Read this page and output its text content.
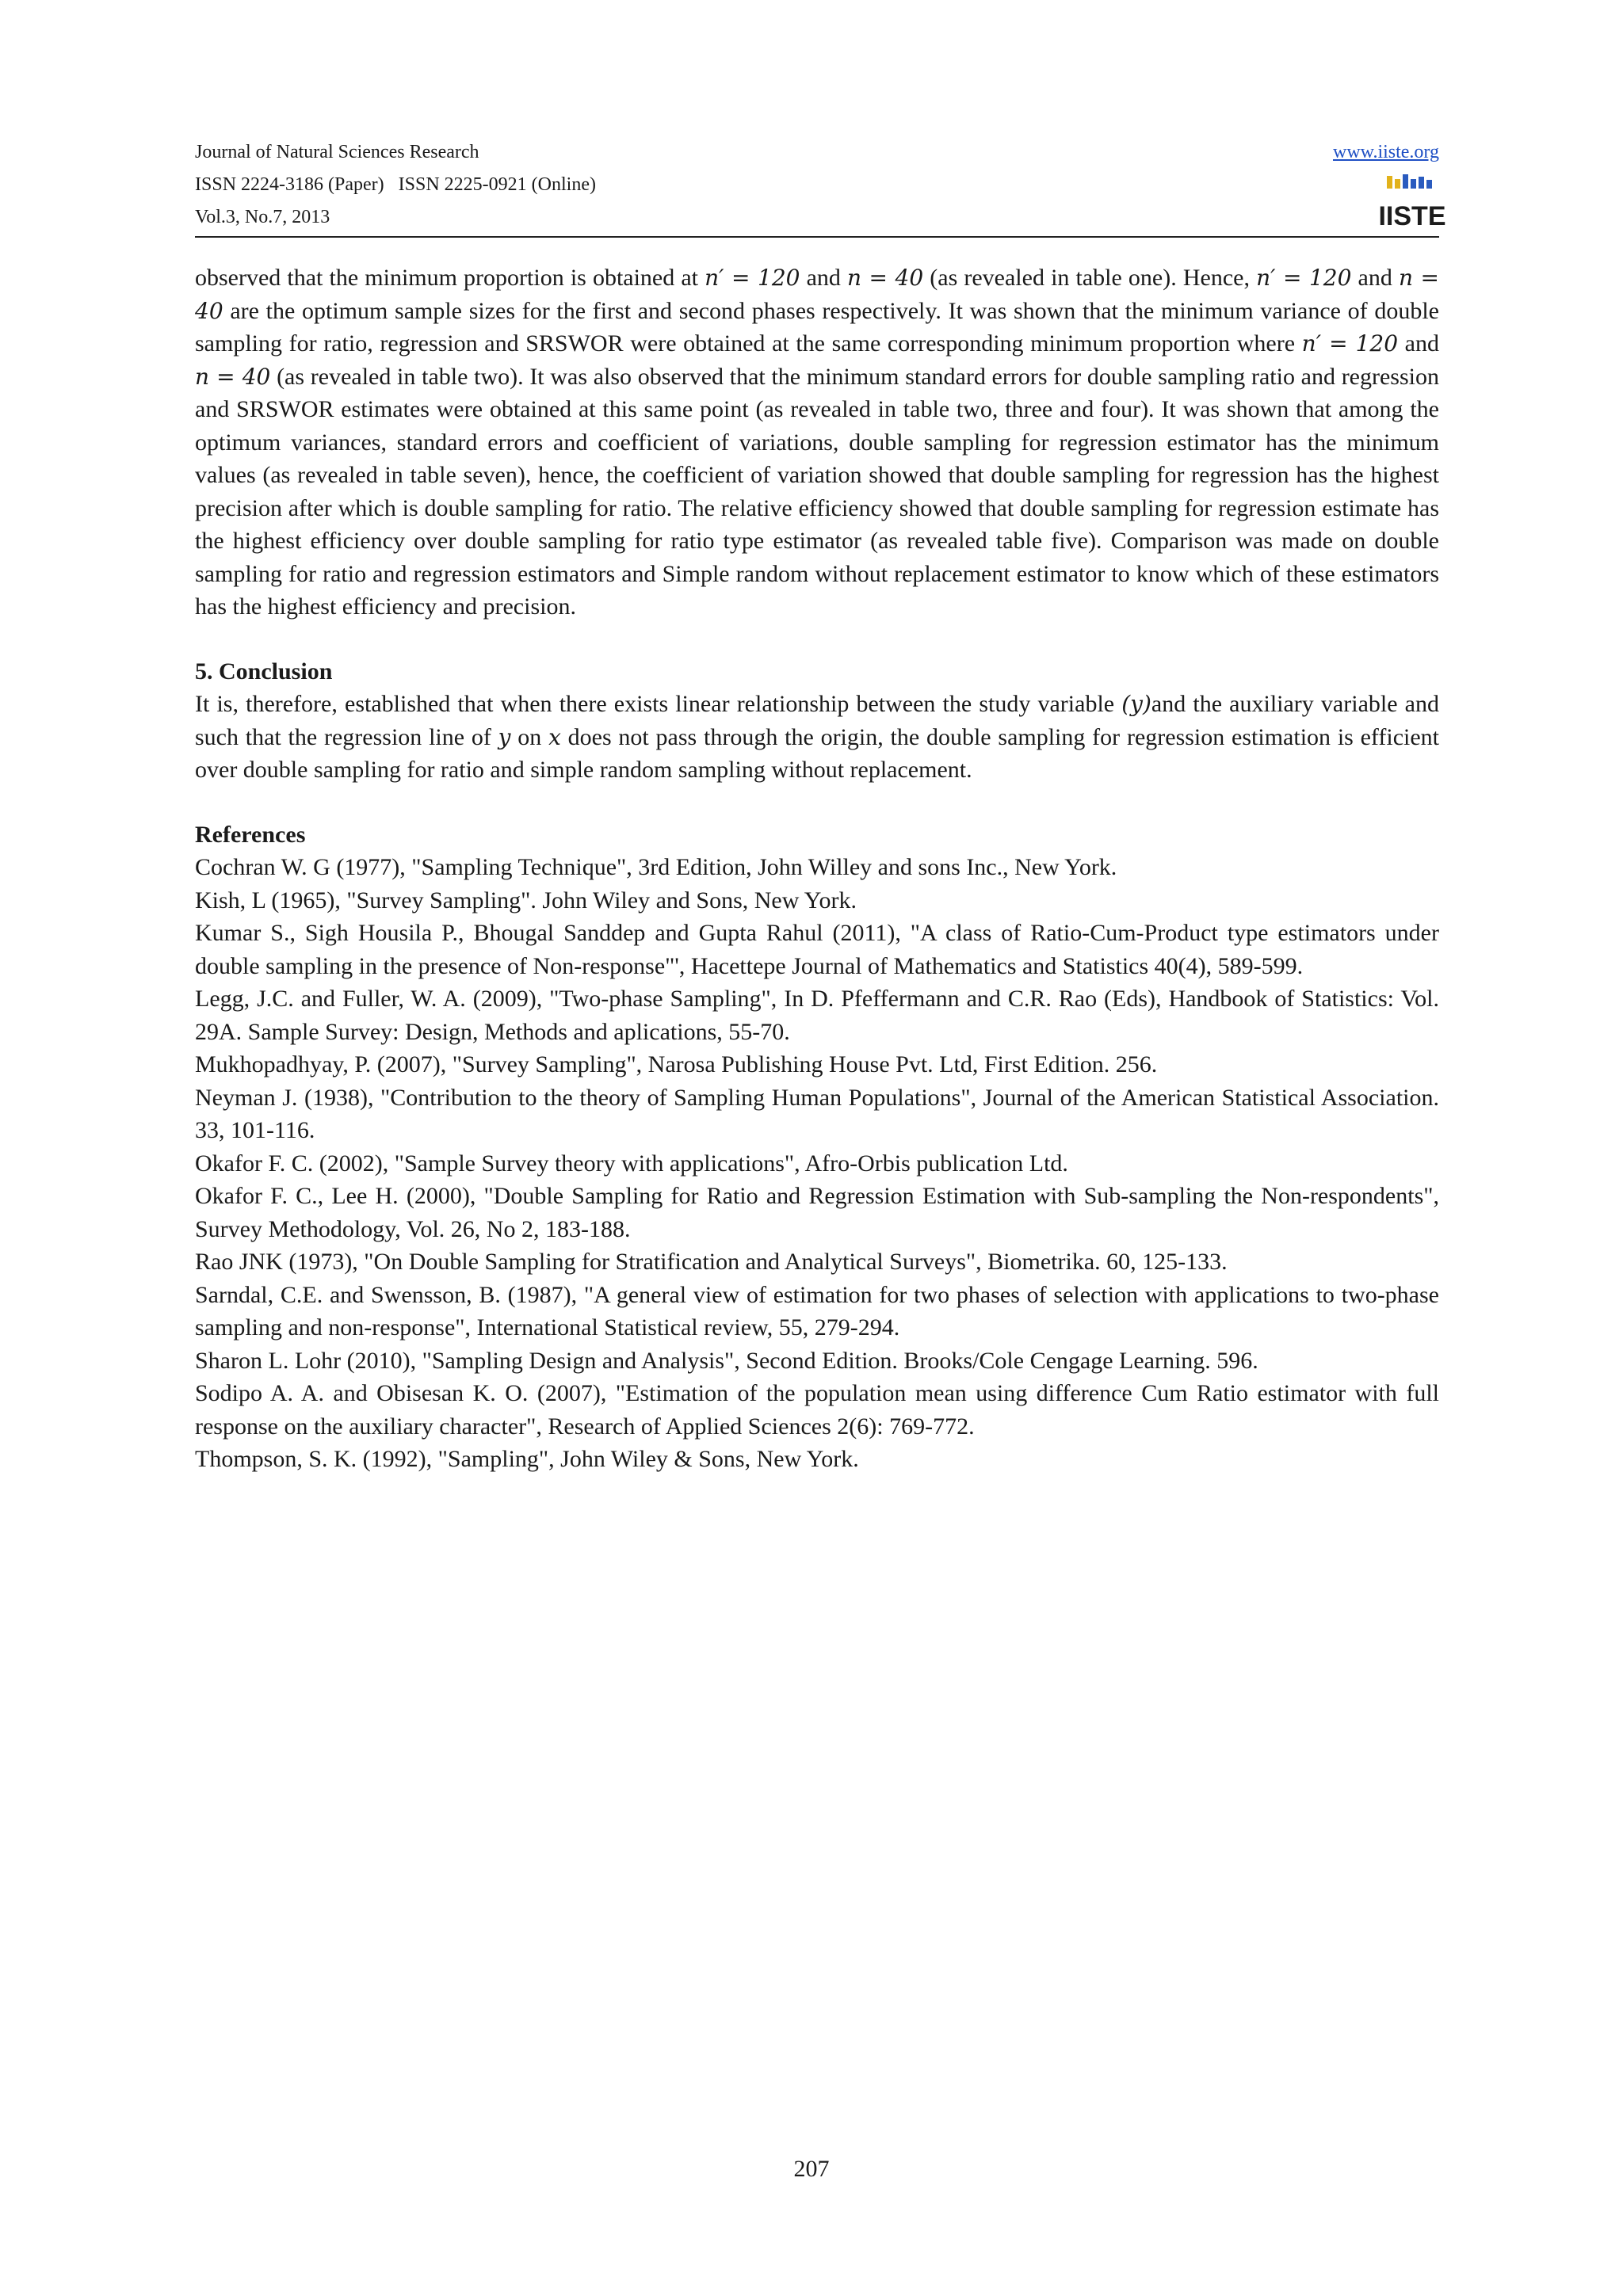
Journal of Natural Sciences Research
ISSN 2224-3186 (Paper)   ISSN 2225-0921 (Online)
Vol.3, No.7, 2013
www.iiste.org
IISTE

observed that the minimum proportion is obtained at n′ = 120 and n = 40 (as revealed in table one). Hence, n′ = 120 and n = 40 are the optimum sample sizes for the first and second phases respectively. It was shown that the minimum variance of double sampling for ratio, regression and SRSWOR were obtained at the same corresponding minimum proportion where n′ = 120 and n = 40 (as revealed in table two). It was also observed that the minimum standard errors for double sampling ratio and regression and SRSWOR estimates were obtained at this same point (as revealed in table two, three and four). It was shown that among the optimum variances, standard errors and coefficient of variations, double sampling for regression estimator has the minimum values (as revealed in table seven), hence, the coefficient of variation showed that double sampling for regression has the highest precision after which is double sampling for ratio. The relative efficiency showed that double sampling for regression estimate has the highest efficiency over double sampling for ratio type estimator (as revealed table five). Comparison was made on double sampling for ratio and regression estimators and Simple random without replacement estimator to know which of these estimators has the highest efficiency and precision.

5. Conclusion

It is, therefore, established that when there exists linear relationship between the study variable (y)and the auxiliary variable and such that the regression line of y on x does not pass through the origin, the double sampling for regression estimation is efficient over double sampling for ratio and simple random sampling without replacement.

References

Cochran W. G (1977), "Sampling Technique", 3rd Edition, John Willey and sons Inc., New York.

Kish, L (1965), "Survey Sampling". John Wiley and Sons, New York.

Kumar S., Sigh Housila P., Bhougal Sanddep and Gupta Rahul (2011), "A class of Ratio-Cum-Product type estimators under double sampling in the presence of Non-response"', Hacettepe Journal of Mathematics and Statistics 40(4), 589-599.

Legg, J.C. and Fuller, W. A. (2009), "Two-phase Sampling", In D. Pfeffermann and C.R. Rao (Eds), Handbook of Statistics: Vol. 29A. Sample Survey: Design, Methods and aplications, 55-70.

Mukhopadhyay, P. (2007), "Survey Sampling", Narosa Publishing House Pvt. Ltd, First Edition. 256.

Neyman J. (1938), "Contribution to the theory of Sampling Human Populations", Journal of the American Statistical Association. 33, 101-116.

Okafor F. C. (2002), "Sample Survey theory with applications", Afro-Orbis publication Ltd.

Okafor F. C., Lee H. (2000), "Double Sampling for Ratio and Regression Estimation with Sub-sampling the Non-respondents", Survey Methodology, Vol. 26, No 2, 183-188.

Rao JNK (1973), "On Double Sampling for Stratification and Analytical Surveys", Biometrika. 60, 125-133.

Sarndal, C.E. and Swensson, B. (1987), "A general view of estimation for two phases of selection with applications to two-phase sampling and non-response", International Statistical review, 55, 279-294.

Sharon L. Lohr (2010), "Sampling Design and Analysis", Second Edition. Brooks/Cole Cengage Learning. 596.

Sodipo A. A. and Obisesan K. O. (2007), "Estimation of the population mean using difference Cum Ratio estimator with full response on the auxiliary character", Research of Applied Sciences 2(6): 769-772.

Thompson, S. K. (1992), "Sampling", John Wiley & Sons, New York.

207
